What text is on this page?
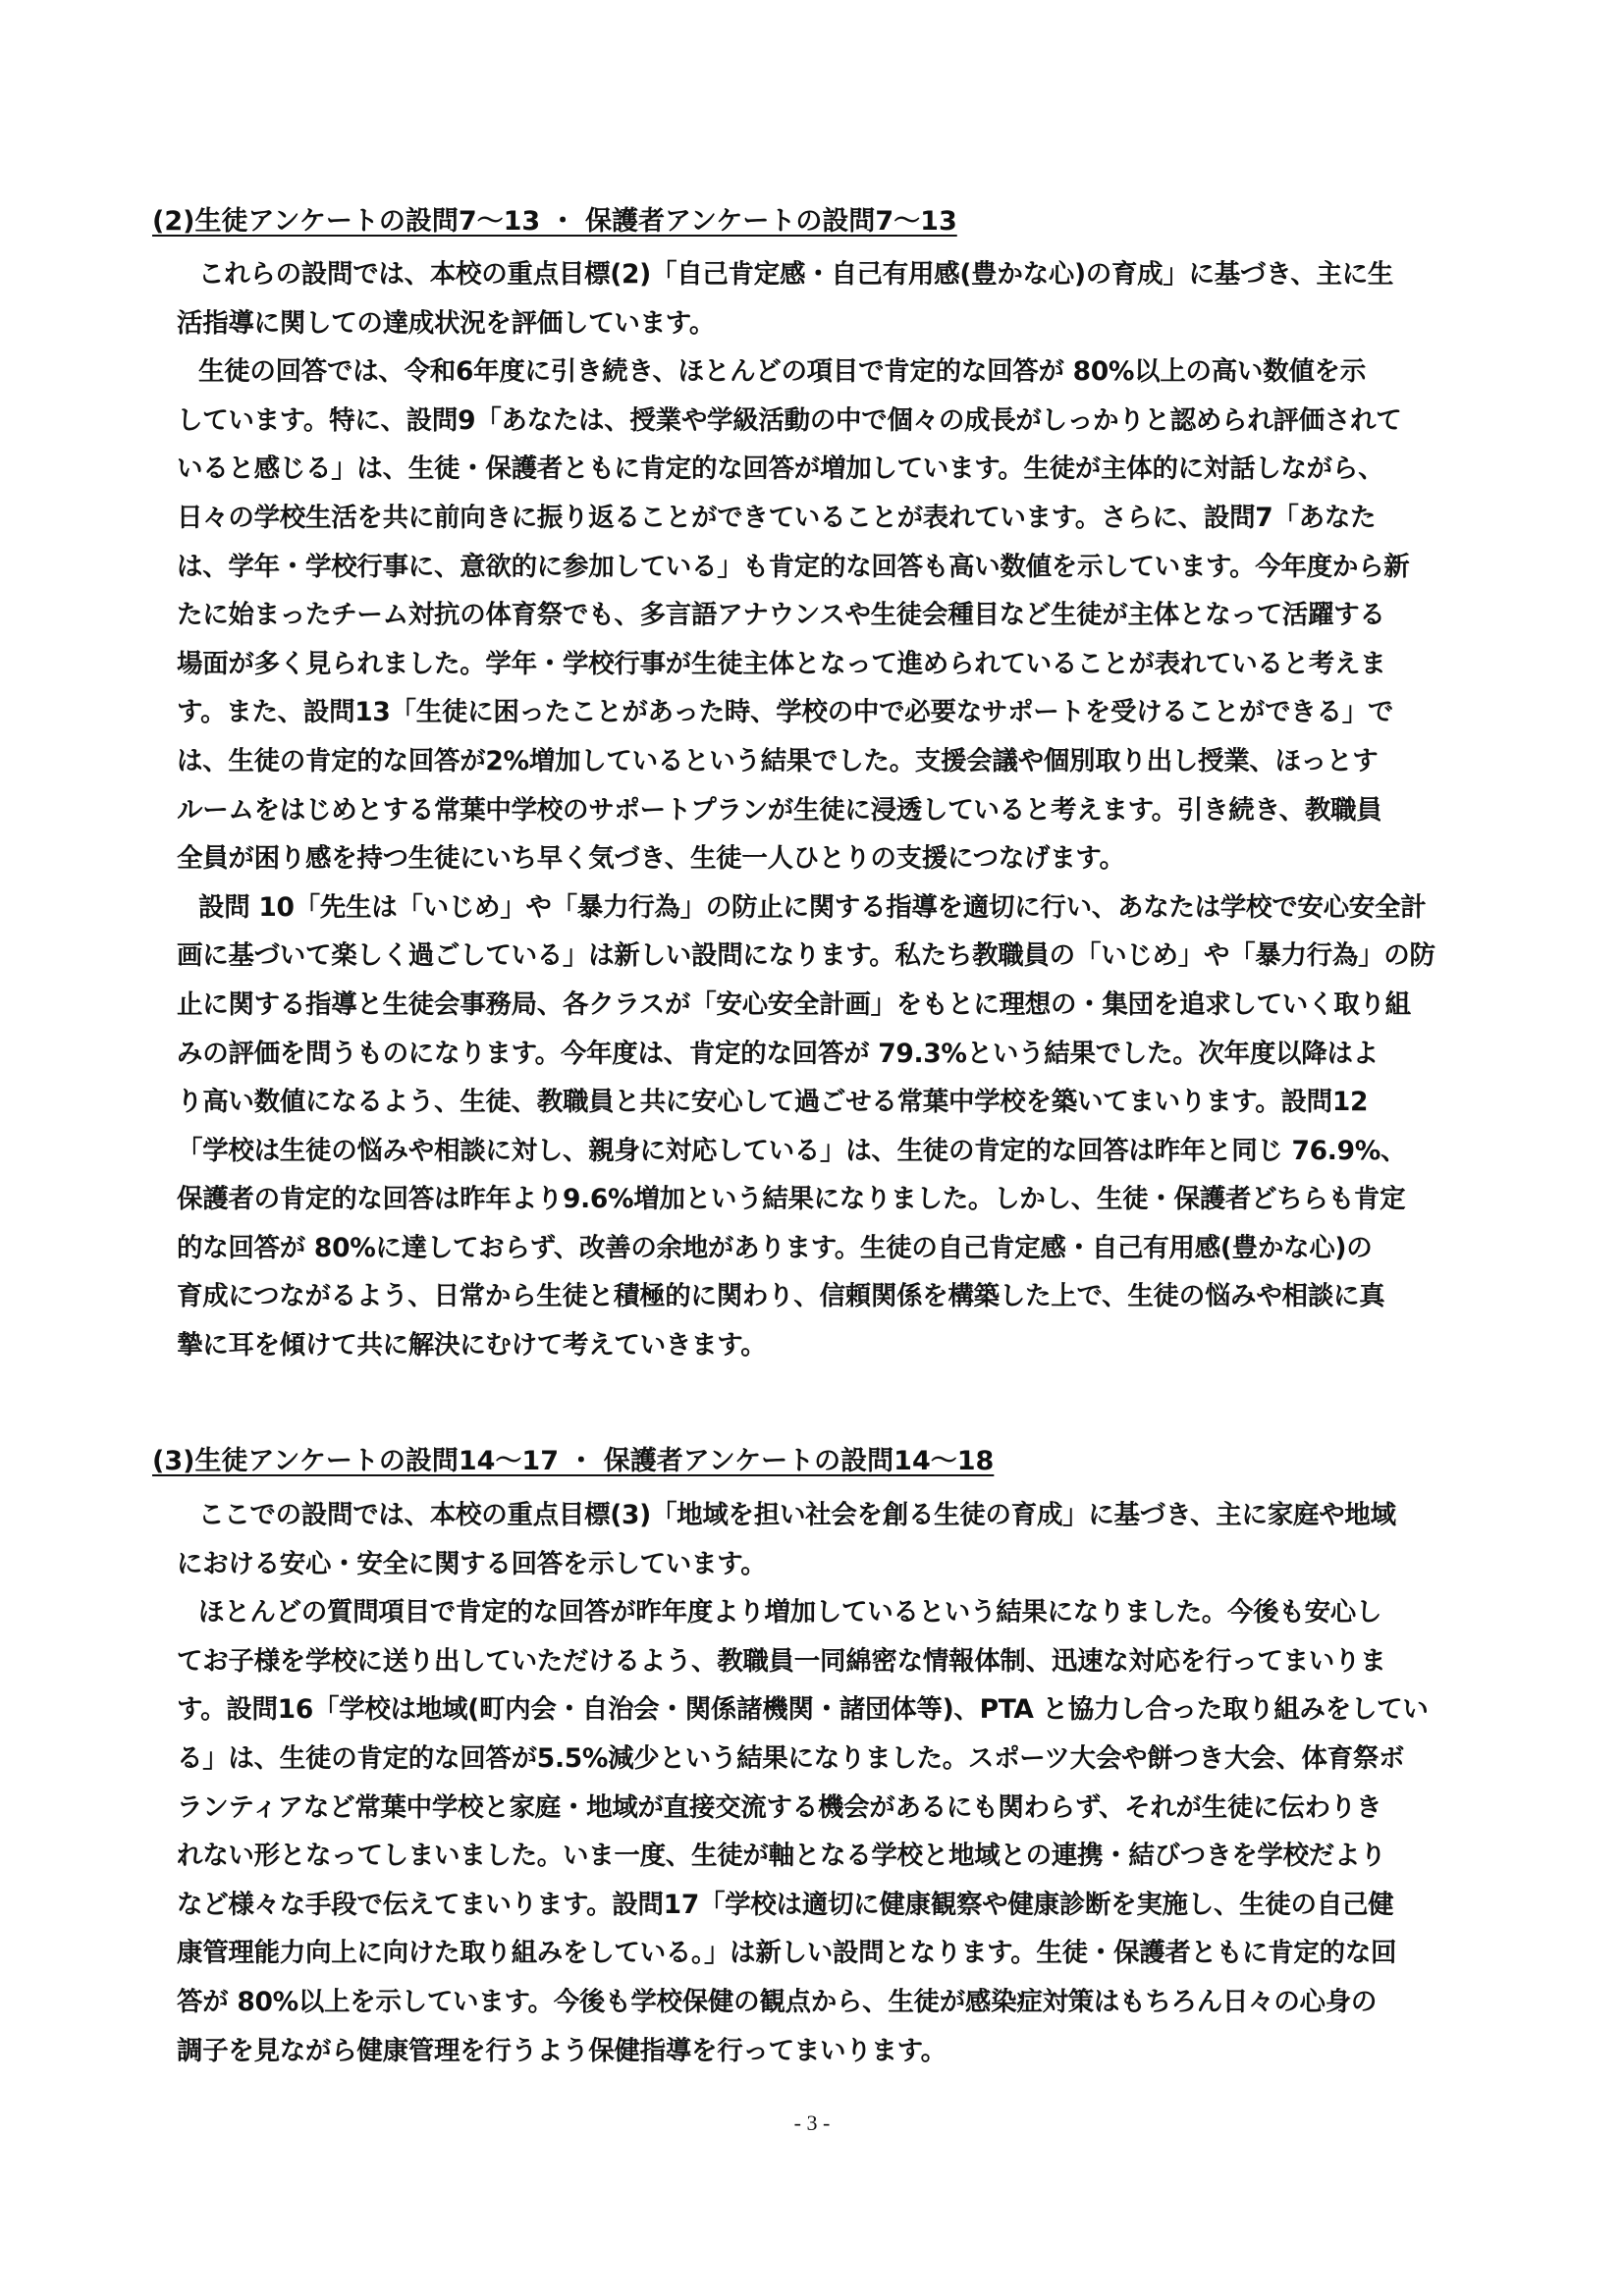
(2)生徒アンケートの設問7～13 ・ 保護者アンケートの設問7～13
これらの設問では、本校の重点目標(2)「自己肯定感・自己有用感(豊かな心)の育成」に基づき、主に生
活指導に関しての達成状況を評価しています。
生徒の回答では、令和6年度に引き続き、ほとんどの項目で肯定的な回答が 80%以上の高い数値を示
しています。特に、設問9「あなたは、授業や学級活動の中で個々の成長がしっかりと認められ評価されて
いると感じる」は、生徒・保護者ともに肯定的な回答が増加しています。生徒が主体的に対話しながら、
日々の学校生活を共に前向きに振り返ることができていることが表れています。さらに、設問7「あなた
は、学年・学校行事に、意欲的に参加している」も肯定的な回答も高い数値を示しています。今年度から新
たに始まったチーム対抗の体育祭でも、多言語アナウンスや生徒会種目など生徒が主体となって活躍する
場面が多く見られました。学年・学校行事が生徒主体となって進められていることが表れていると考えま
す。また、設問13「生徒に困ったことがあった時、学校の中で必要なサポートを受けることができる」で
は、生徒の肯定的な回答が2%増加しているという結果でした。支援会議や個別取り出し授業、ほっとす
ルームをはじめとする常葉中学校のサポートプランが生徒に浸透していると考えます。引き続き、教職員
全員が困り感を持つ生徒にいち早く気づき、生徒一人ひとりの支援につなげます。
設問 10「先生は「いじめ」や「暴力行為」の防止に関する指導を適切に行い、あなたは学校で安心安全計
画に基づいて楽しく過ごしている」は新しい設問になります。私たち教職員の「いじめ」や「暴力行為」の防
止に関する指導と生徒会事務局、各クラスが「安心安全計画」をもとに理想の・集団を追求していく取り組
みの評価を問うものになります。今年度は、肯定的な回答が 79.3%という結果でした。次年度以降はよ
り高い数値になるよう、生徒、教職員と共に安心して過ごせる常葉中学校を築いてまいります。設問12
「学校は生徒の悩みや相談に対し、親身に対応している」は、生徒の肯定的な回答は昨年と同じ 76.9%、
保護者の肯定的な回答は昨年より9.6%増加という結果になりました。しかし、生徒・保護者どちらも肯定
的な回答が 80%に達しておらず、改善の余地があります。生徒の自己肯定感・自己有用感(豊かな心)の
育成につながるよう、日常から生徒と積極的に関わり、信頼関係を構築した上で、生徒の悩みや相談に真
摯に耳を傾けて共に解決にむけて考えていきます。
(3)生徒アンケートの設問14～17 ・ 保護者アンケートの設問14～18
ここでの設問では、本校の重点目標(3)「地域を担い社会を創る生徒の育成」に基づき、主に家庭や地域
における安心・安全に関する回答を示しています。
ほとんどの質問項目で肯定的な回答が昨年度より増加しているという結果になりました。今後も安心し
てお子様を学校に送り出していただけるよう、教職員一同綿密な情報体制、迅速な対応を行ってまいりま
す。設問16「学校は地域(町内会・自治会・関係諸機関・諸団体等)、PTA と協力し合った取り組みをしてい
る」は、生徒の肯定的な回答が5.5%減少という結果になりました。スポーツ大会や餅つき大会、体育祭ボ
ランティアなど常葉中学校と家庭・地域が直接交流する機会があるにも関わらず、それが生徒に伝わりき
れない形となってしまいました。いま一度、生徒が軸となる学校と地域との連携・結びつきを学校だより
など様々な手段で伝えてまいります。設問17「学校は適切に健康観察や健康診断を実施し、生徒の自己健
康管理能力向上に向けた取り組みをしている。」は新しい設問となります。生徒・保護者ともに肯定的な回
答が 80%以上を示しています。今後も学校保健の観点から、生徒が感染症対策はもちろん日々の心身の
調子を見ながら健康管理を行うよう保健指導を行ってまいります。
- 3 -
